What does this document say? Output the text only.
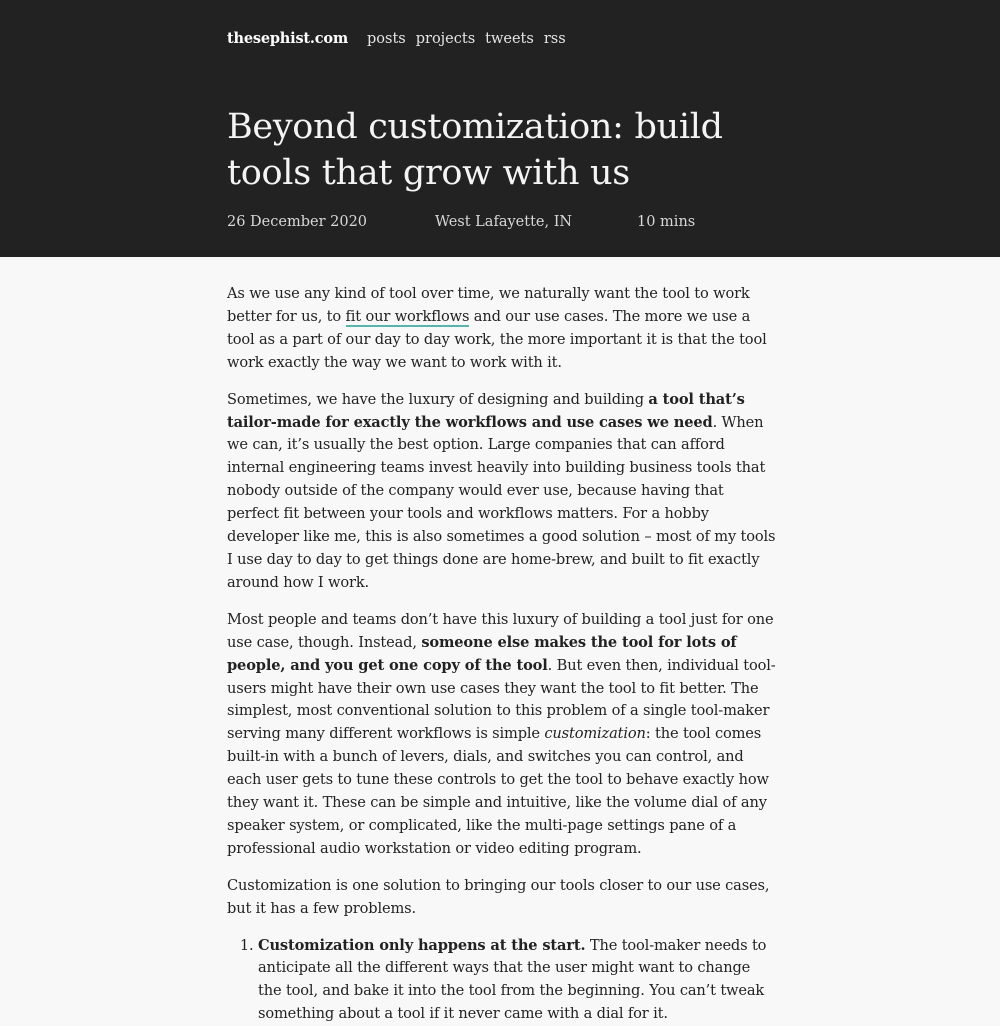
thesephist.com posts projects tweets rss
Beyond customization: build tools that grow with us
26 December 2020	West Lafayette, IN	10 mins

As we use any kind of tool over time, we naturally want the tool to work better for us, to fit our workflows and our use cases. The more we use a tool as a part of our day to day work, the more important it is that the tool work exactly the way we want to work with it.

Sometimes, we have the luxury of designing and building a tool that’s tailor-made for exactly the workflows and use cases we need. When we can, it’s usually the best option. Large companies that can afford internal engineering teams invest heavily into building business tools that nobody outside of the company would ever use, because having that perfect fit between your tools and workflows matters. For a hobby developer like me, this is also sometimes a good solution – most of my tools I use day to day to get things done are home-brew, and built to fit exactly around how I work.

Most people and teams don’t have this luxury of building a tool just for one use case, though. Instead, someone else makes the tool for lots of people, and you get one copy of the tool. But even then, individual tool-users might have their own use cases they want the tool to fit better. The simplest, most conventional solution to this problem of a single tool-maker serving many different workflows is simple customization: the tool comes built-in with a bunch of levers, dials, and switches you can control, and each user gets to tune these controls to get the tool to behave exactly how they want it. These can be simple and intuitive, like the volume dial of any speaker system, or complicated, like the multi-page settings pane of a professional audio workstation or video editing program.

Customization is one solution to bringing our tools closer to our use cases, but it has a few problems.

1. Customization only happens at the start. The tool-maker needs to anticipate all the different ways that the user might want to change the tool, and bake it into the tool from the beginning. You can’t tweak something about a tool if it never came with a dial for it.
